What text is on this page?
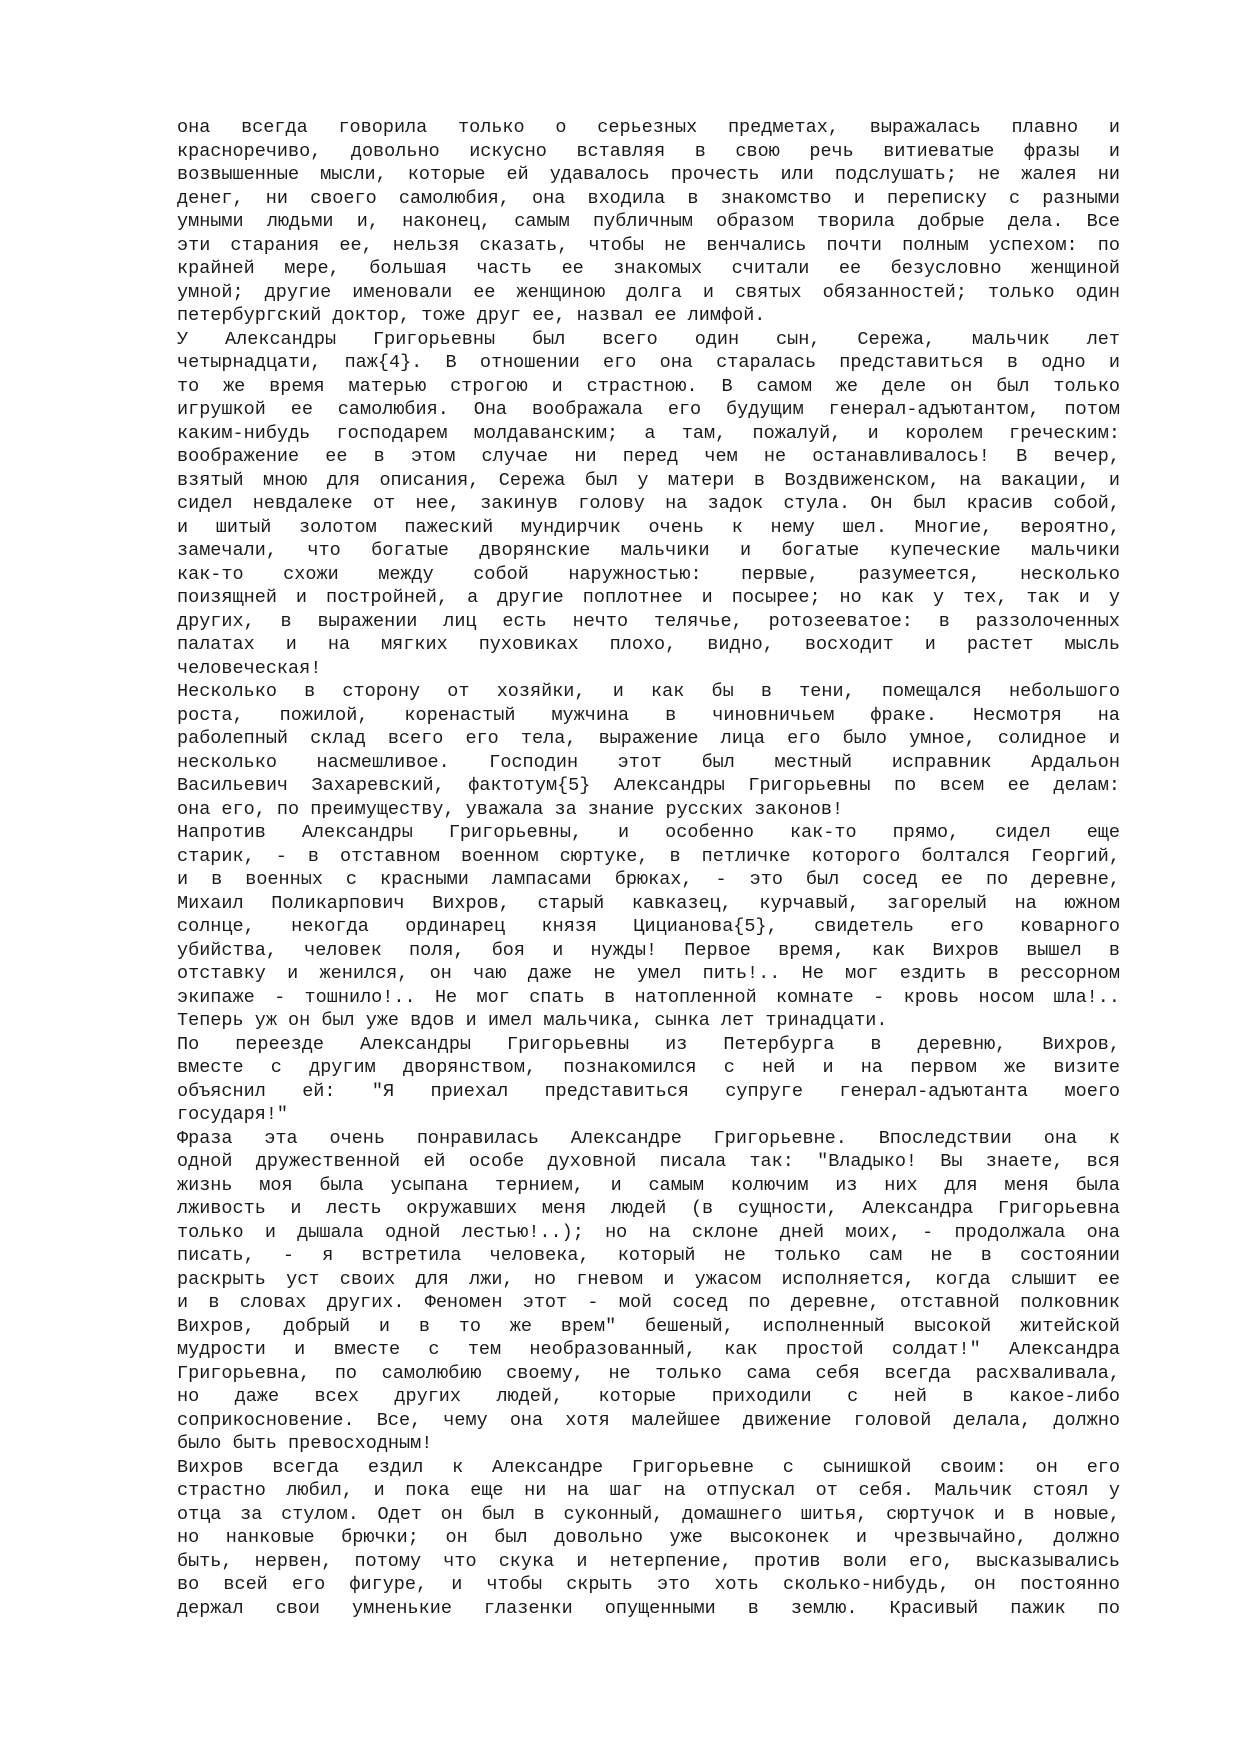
она всегда говорила только о серьезных предметах, выражалась плавно и
красноречиво, довольно искусно вставляя в свою речь витиеватые фразы и
возвышенные мысли, которые ей удавалось прочесть или подслушать; не жалея ни
денег, ни своего самолюбия, она входила в знакомство и переписку с разными
умными людьми и, наконец, самым публичным образом творила добрые дела. Все
эти старания ее, нельзя сказать, чтобы не венчались почти полным успехом: по
крайней мере, большая часть ее знакомых считали ее безусловно женщиной
умной; другие именовали ее женщиною долга и святых обязанностей; только один
петербургский доктор, тоже друг ее, назвал ее лимфой.
У Александры Григорьевны был всего один сын, Сережа, мальчик лет
четырнадцати, паж{4}. В отношении его она старалась представиться в одно и
то же время матерью строгою и страстною. В самом же деле он был только
игрушкой ее самолюбия. Она воображала его будущим генерал-адъютантом, потом
каким-нибудь господарем молдаванским; а там, пожалуй, и королем греческим:
воображение ее в этом случае ни перед чем не останавливалось! В вечер,
взятый мною для описания, Сережа был у матери в Воздвиженском, на вакации, и
сидел невдалеке от нее, закинув голову на задок стула. Он был красив собой,
и шитый золотом пажеский мундирчик очень к нему шел. Многие, вероятно,
замечали, что богатые дворянские мальчики и богатые купеческие мальчики
как-то схожи между собой наружностью: первые, разумеется, несколько
поизящней и постройней, а другие поплотнее и посырее; но как у тех, так и у
других, в выражении лиц есть нечто телячье, ротозееватое: в раззолоченных
палатах и на мягких пуховиках плохо, видно, восходит и растет мысль
человеческая!
Несколько в сторону от хозяйки, и как бы в тени, помещался небольшого
роста, пожилой, коренастый мужчина в чиновничьем фраке. Несмотря на
раболепный склад всего его тела, выражение лица его было умное, солидное и
несколько насмешливое. Господин этот был местный исправник Ардальон
Васильевич Захаревский, фактотум{5} Александры Григорьевны по всем ее делам:
она его, по преимуществу, уважала за знание русских законов!
Напротив Александры Григорьевны, и особенно как-то прямо, сидел еще
старик, - в отставном военном сюртуке, в петличке которого болтался Георгий,
и в военных с красными лампасами брюках, - это был сосед ее по деревне,
Михаил Поликарпович Вихров, старый кавказец, курчавый, загорелый на южном
солнце, некогда ординарец князя Цицианова{5}, свидетель его коварного
убийства, человек поля, боя и нужды! Первое время, как Вихров вышел в
отставку и женился, он чаю даже не умел пить!.. Не мог ездить в рессорном
экипаже - тошнило!.. Не мог спать в натопленной комнате - кровь носом шла!..
Теперь уж он был уже вдов и имел мальчика, сынка лет тринадцати.
По переезде Александры Григорьевны из Петербурга в деревню, Вихров,
вместе с другим дворянством, познакомился с ней и на первом же визите
объяснил ей: "Я приехал представиться супруге генерал-адъютанта моего
государя!"
Фраза эта очень понравилась Александре Григорьевне. Впоследствии она к
одной дружественной ей особе духовной писала так: "Владыко! Вы знаете, вся
жизнь моя была усыпана тернием, и самым колючим из них для меня была
лживость и лесть окружавших меня людей (в сущности, Александра Григорьевна
только и дышала одной лестью!..); но на склоне дней моих, - продолжала она
писать, - я встретила человека, который не только сам не в состоянии
раскрыть уст своих для лжи, но гневом и ужасом исполняется, когда слышит ее
и в словах других. Феномен этот - мой сосед по деревне, отставной полковник
Вихров, добрый и в то же врем" бешеный, исполненный высокой житейской
мудрости и вместе с тем необразованный, как простой солдат!" Александра
Григорьевна, по самолюбию своему, не только сама себя всегда расхваливала,
но даже всех других людей, которые приходили с ней в какое-либо
соприкосновение. Все, чему она хотя малейшее движение головой делала, должно
было быть превосходным!
Вихров всегда ездил к Александре Григорьевне с сынишкой своим: он его
страстно любил, и пока еще ни на шаг на отпускал от себя. Мальчик стоял у
отца за стулом. Одет он был в суконный, домашнего шитья, сюртучок и в новые,
но нанковые брючки; он был довольно уже высоконек и чрезвычайно, должно
быть, нервен, потому что скука и нетерпение, против воли его, высказывались
во всей его фигуре, и чтобы скрыть это хоть сколько-нибудь, он постоянно
держал свои умненькие глазенки опущенными в землю. Красивый пажик по
